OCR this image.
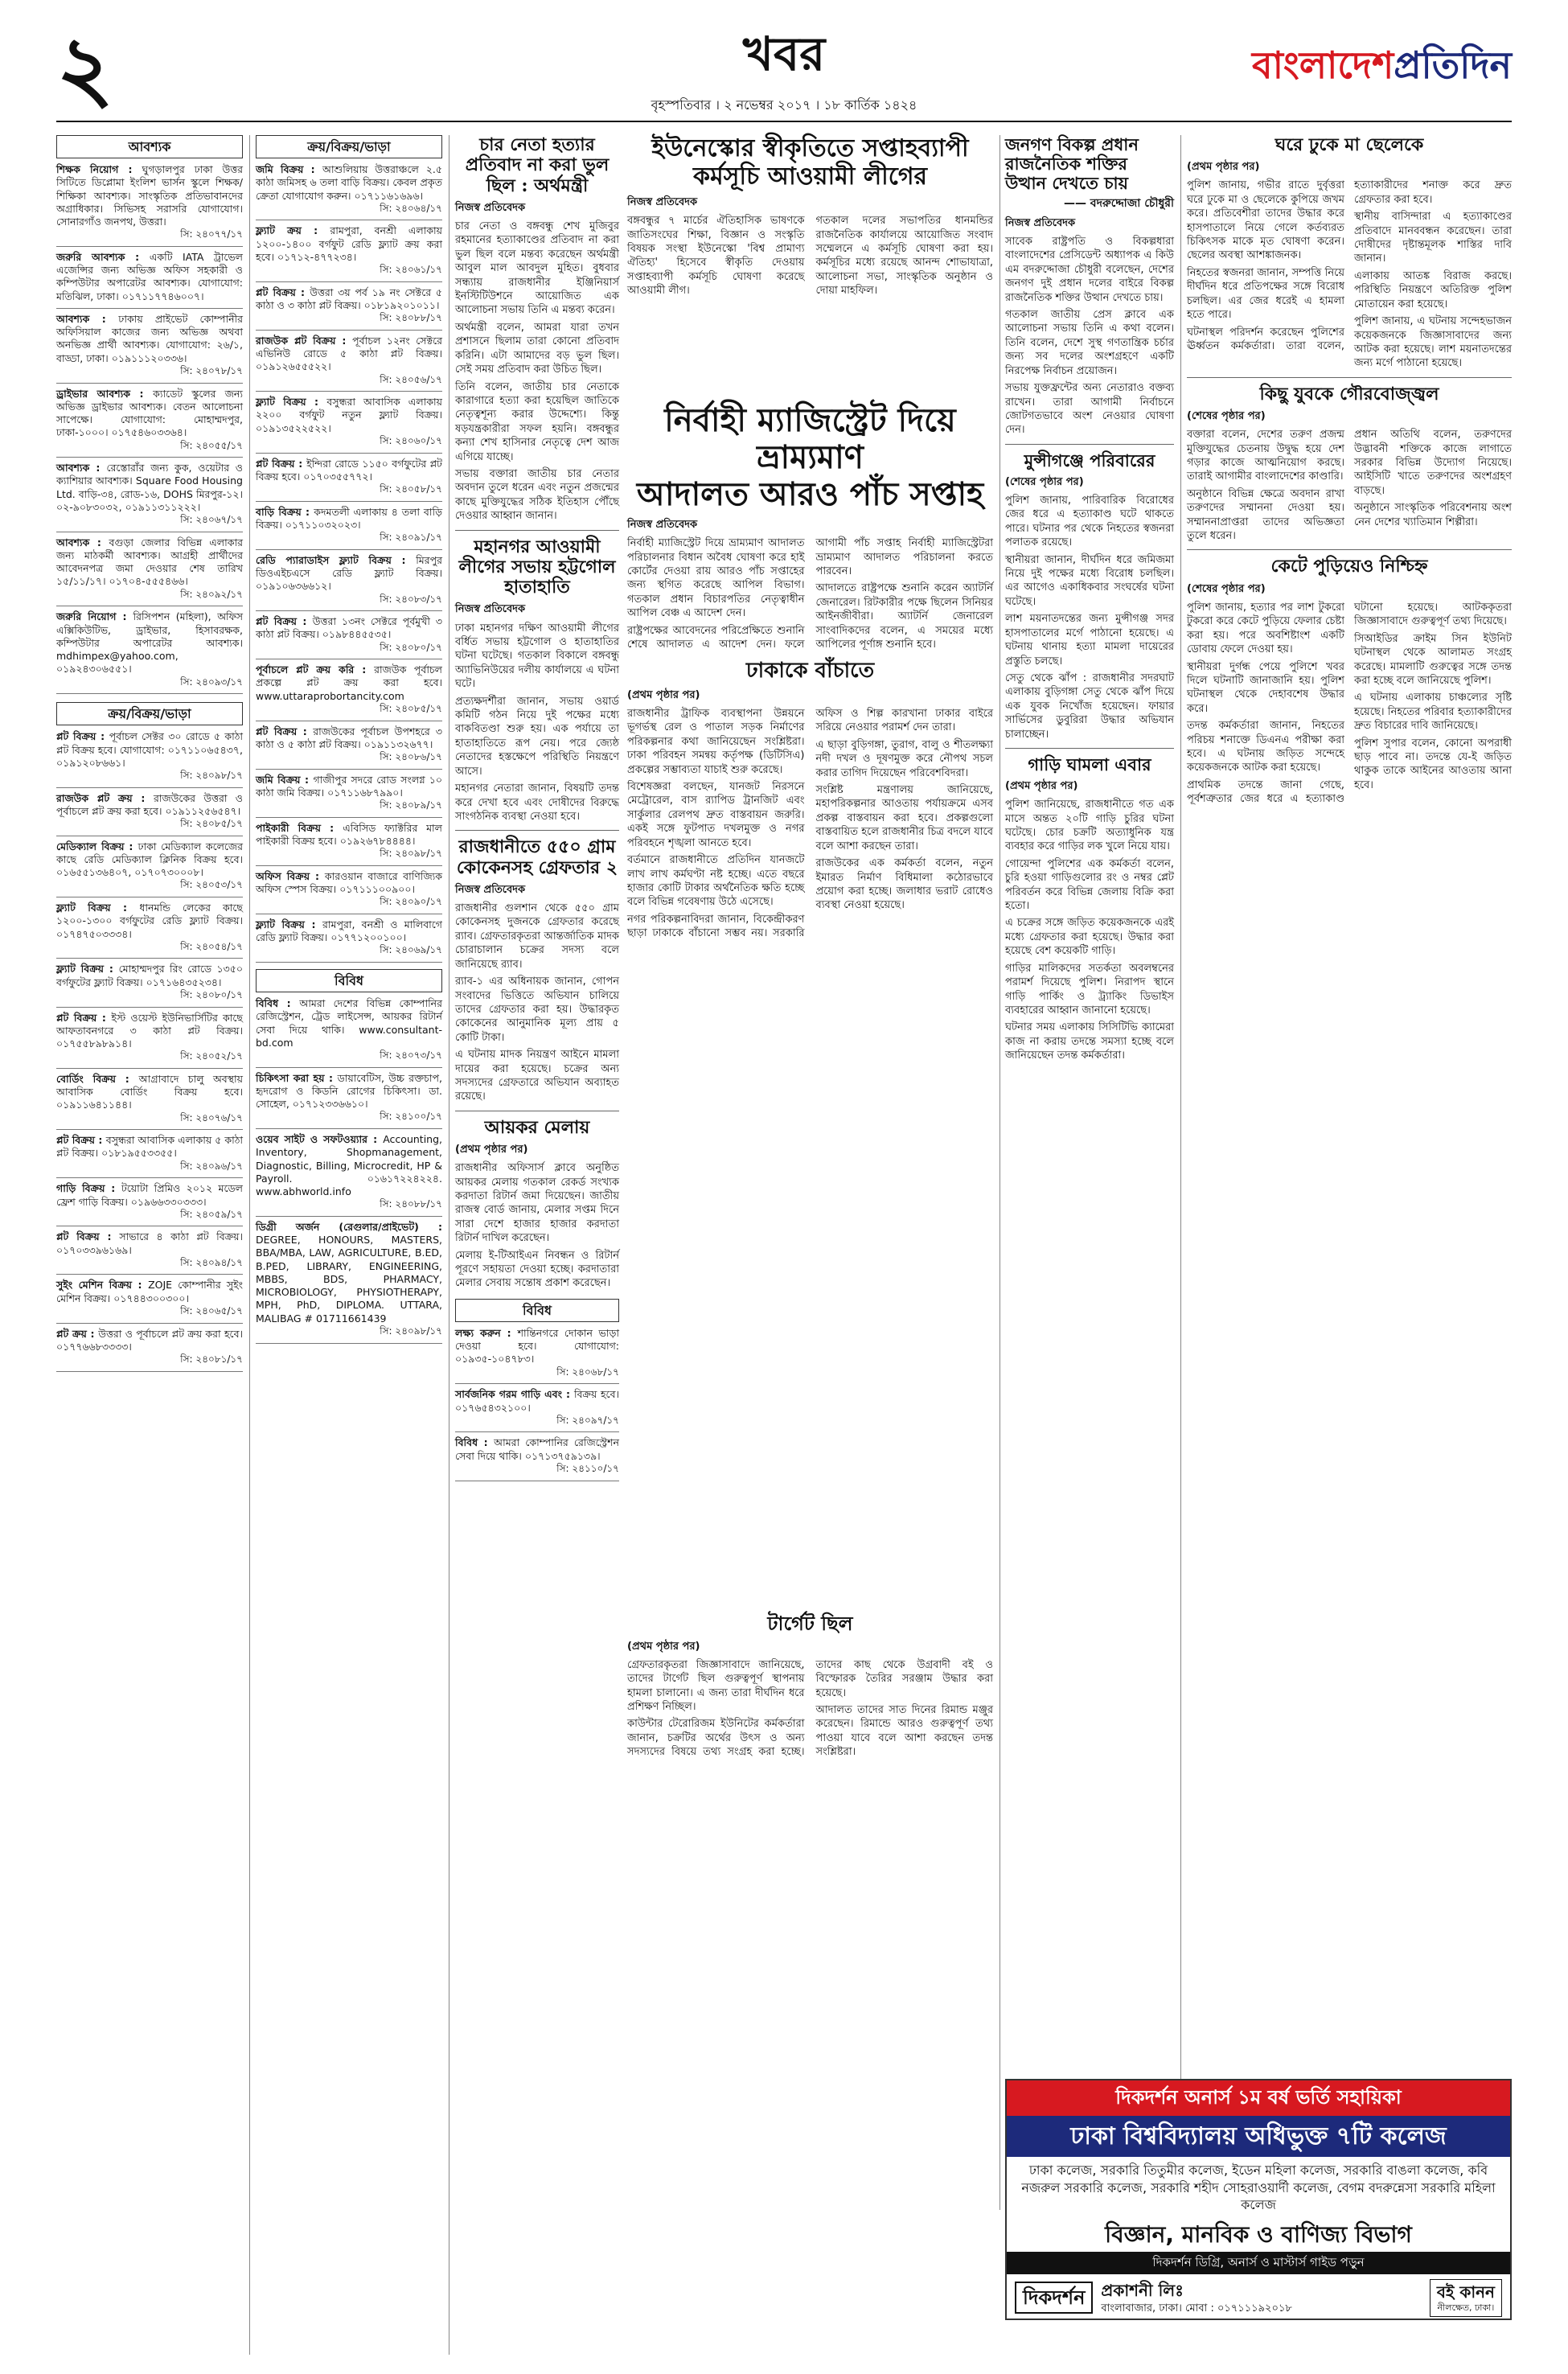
২	খবর
বৃহস্পতিবার । ২ নভেম্বর ২০১৭ । ১৮ কার্তিক ১৪২৪
বাংলাদেশপ্রতিদিন
আবশ্যক
শিক্ষক নিয়োগ : ঘুগড়ালপুর ঢাকা উত্তর সিটিতে ডিপ্লোমা ইংলিশ ভার্সন স্কুলে শিক্ষক/শিক্ষিকা আবশ্যক। সাংস্কৃতিক প্রতিভাবানদের অগ্রাধিকার। সিভিসহ সরাসরি যোগাযোগ। সোনারগাঁও জনপথ, উত্তরা।
সি: ২৪০৭৭/১৭
জরুরি আবশ্যক : একটি IATA ট্রাভেল এজেন্সির জন্য অভিজ্ঞ অফিস সহকারী ও কম্পিউটার অপারেটর আবশ্যক। যোগাযোগ: মতিঝিল, ঢাকা। ০১৭১১৭৭৪৬০০৭।
আবশ্যক : ঢাকায় প্রাইভেট কোম্পানীর অফিসিয়াল কাজের জন্য অভিজ্ঞ অথবা অনভিজ্ঞ প্রার্থী আবশ্যক। যোগাযোগ: ২৬/১, বাড্ডা, ঢাকা। ০১৯১১১২০৩৩৬।
সি: ২৪০৭৮/১৭
ড্রাইভার আবশ্যক : ক্যাডেট স্কুলের জন্য অভিজ্ঞ ড্রাইভার আবশ্যক। বেতন আলোচনা সাপেক্ষে। যোগাযোগ: মোহাম্মদপুর, ঢাকা-১০০০। ০১৭৫৪৬০৩৩৬৪।
সি: ২৪০৫৫/১৭
আবশ্যক : রেস্তোরাঁর জন্য কুক, ওয়েটার ও ক্যাশিয়ার আবশ্যক। Square Food Housing Ltd. বাড়ি-৩৪, রোড-১৬, DOHS মিরপুর-১২। ০২-৯০৮৩০৩২, ০১৯১১৩১১২২২।
সি: ২৪০৬৭/১৭
আবশ্যক : বগুড়া জেলার বিভিন্ন এলাকার জন্য মাঠকর্মী আবশ্যক। আগ্রহী প্রার্থীদের আবেদনপত্র জমা দেওয়ার শেষ তারিখ ১৫/১১/১৭। ০১৭০৪-৫৫৫৪৬৬।
সি: ২৪০৯২/১৭
জরুরি নিয়োগ : রিসিপশন (মহিলা), অফিস এক্সিকিউটিভ, ড্রাইভার, হিসাবরক্ষক, কম্পিউটার অপারেটর আবশ্যক। mdhimpex@yahoo.com, ০১৯২৪৩০৬৫৫১।
সি: ২৪০৯৩/১৭
ক্রয়/বিক্রয়/ভাড়া
প্লট বিক্রয় : পূর্বাচল সেক্টর ৩০ রোডে ৫ কাঠা প্লট বিক্রয় হবে। যোগাযোগ: ০১৭১১০৬৫৪৩৭, ০১৯১২০৮৬৬১।
সি: ২৪০৯৮/১৭
রাজউক প্লট ক্রয় : রাজউকের উত্তরা ও পূর্বাচলে প্লট ক্রয় করা হবে। ০১৯১১২৫৬৫৪৭।
সি: ২৪০৮৫/১৭
মেডিক্যাল বিক্রয় : ঢাকা মেডিক্যাল কলেজের কাছে রেডি মেডিক্যাল ক্লিনিক বিক্রয় হবে। ০১৬৫৫১৩৬৪০৭, ০১৭০৭৩০০০৮।
সি: ২৪০৫৩/১৭
ফ্ল্যাট বিক্রয় : ধানমন্ডি লেকের কাছে ১২০০-১৩০০ বর্গফুটের রেডি ফ্ল্যাট বিক্রয়। ০১৭৪৭৫০৩৩৩৪।
সি: ২৪০৫৪/১৭
ফ্ল্যাট বিক্রয় : মোহাম্মদপুর রিং রোডে ১৩৫০ বর্গফুটের ফ্ল্যাট বিক্রয়। ০১৭১৬৪৩৫২৩৪।
সি: ২৪০৮০/১৭
প্লট বিক্রয় : ইস্ট ওয়েস্ট ইউনিভার্সিটির কাছে আফতাবনগরে ৩ কাঠা প্লট বিক্রয়। ০১৭৫৫৮৯৮৯১৪।
সি: ২৪০৫২/১৭
বোর্ডিং বিক্রয় : আগ্রাবাদে চালু অবস্থায় আবাসিক বোর্ডিং বিক্রয় হবে। ০১৯১১৬৪১১৪৪।
সি: ২৪০৭৬/১৭
প্লট বিক্রয় : বসুন্ধরা আবাসিক এলাকায় ৫ কাঠা প্লট বিক্রয়। ০১৮১৯৫৫৩৩৫৫।
সি: ২৪০৯৬/১৭
গাড়ি বিক্রয় : টয়োটা প্রিমিও ২০১২ মডেল ফ্রেশ গাড়ি বিক্রয়। ০১৯৬৬৩৩০৩৩৩।
সি: ২৪০৫৯/১৭
প্লট বিক্রয় : সাভারে ৪ কাঠা প্লট বিক্রয়। ০১৭০৩৩৯৬১৬৯।
সি: ২৪০৯৪/১৭
সুইং মেশিন বিক্রয় : ZOJE কোম্পানীর সুইং মেশিন বিক্রয়। ০১৭৪৪৩০০৩০০।
সি: ২৪০৬৫/১৭
প্লট ক্রয় : উত্তরা ও পূর্বাচলে প্লট ক্রয় করা হবে। ০১৭৭৬৬৮৩৩৩৩।
সি: ২৪০৮১/১৭
ক্রয়/বিক্রয়/ভাড়া
জমি বিক্রয় : আশুলিয়ায় উত্তরাঞ্চলে ২.৫ কাঠা জমিসহ ৬ তলা বাড়ি বিক্রয়। কেবল প্রকৃত ক্রেতা যোগাযোগ করুন। ০১৭১১৬১৬৯৬।
সি: ২৪০৬৪/১৭
ফ্ল্যাট ক্রয় : রামপুরা, বনশ্রী এলাকায় ১২০০-১৪০০ বর্গফুট রেডি ফ্ল্যাট ক্রয় করা হবে। ০১৭১২-৪৭৭২৩৪।
সি: ২৪০৬১/১৭
প্লট বিক্রয় : উত্তরা ৩য় পর্ব ১৯ নং সেক্টরে ৫ কাঠা ও ৩ কাঠা প্লট বিক্রয়। ০১৮১৯২০১০১১।
সি: ২৪০৮৮/১৭
রাজউক প্লট বিক্রয় : পূর্বাচল ১২নং সেক্টরে এভিনিউ রোডে ৫ কাঠা প্লট বিক্রয়। ০১৯১২৬৫৫৫২২।
সি: ২৪০৫৬/১৭
ফ্ল্যাট বিক্রয় : বসুন্ধরা আবাসিক এলাকায় ২২০০ বর্গফুট নতুন ফ্ল্যাট বিক্রয়। ০১৯১৩৫২২৫২২।
সি: ২৪০৬০/১৭
প্লট বিক্রয় : ইন্দিরা রোডে ১১৫০ বর্গফুটের প্লট বিক্রয় হবে। ০১৭০৩৫৫৭৭২।
সি: ২৪০৫৮/১৭
বাড়ি বিক্রয় : কদমতলী এলাকায় ৪ তলা বাড়ি বিক্রয়। ০১৭১১০৩২০২৩।
সি: ২৪০৯১/১৭
রেডি প্যারাডাইস ফ্ল্যাট বিক্রয় : মিরপুর ডিওএইচএসে রেডি ফ্ল্যাট বিক্রয়। ০১৯১০৬৩৬৬১২।
সি: ২৪০৮৩/১৭
প্লট বিক্রয় : উত্তরা ১৩নং সেক্টরে পূর্বমুখী ৩ কাঠা প্লট বিক্রয়। ০১৯৮৪৪৫৫৩৫।
সি: ২৪০৮০/১৭
পূর্বাচলে প্লট ক্রয় করি : রাজউক পূর্বাচল প্রকল্পে প্লট ক্রয় করা হবে। www.uttaraprobortancity.com
সি: ২৪০৮৫/১৭
প্লট বিক্রয় : রাজউকের পূর্বাচল উপশহরে ৩ কাঠা ও ৫ কাঠা প্লট বিক্রয়। ০১৯১১৩২৬৭৭।
সি: ২৪০৮৬/১৭
জমি বিক্রয় : গাজীপুর সদরে রোড সংলগ্ন ১০ কাঠা জমি বিক্রয়। ০১৭১১৬৮৭৯৯০।
সি: ২৪০৮৯/১৭
পাইকারী বিক্রয় : এবিসিড ফ্যাক্টরির মাল পাইকারী বিক্রয় হবে। ০১৯২৬৭৮৪৪৪৪।
সি: ২৪০৯৮/১৭
অফিস বিক্রয় : কারওয়ান বাজারে বাণিজ্যিক অফিস স্পেস বিক্রয়। ০১৭১১১০০৯০০।
সি: ২৪০৯০/১৭
ফ্ল্যাট বিক্রয় : রামপুরা, বনশ্রী ও মালিবাগে রেডি ফ্ল্যাট বিক্রয়। ০১৭৭১২০০১০০।
সি: ২৪০৬৯/১৭
বিবিধ
বিবিধ : আমরা দেশের বিভিন্ন কোম্পানির রেজিস্ট্রেশন, ট্রেড লাইসেন্স, আয়কর রিটার্ন সেবা দিয়ে থাকি। www.consultant-bd.com
সি: ২৪০৭৩/১৭
চিকিৎসা করা হয় : ডায়াবেটিস, উচ্চ রক্তচাপ, হৃদরোগ ও কিডনি রোগের চিকিৎসা। ডা. সোহেল, ০১৭১২৩৩৬৬১০।
সি: ২৪১০০/১৭
ওয়েব সাইট ও সফটওয়্যার : Accounting, Inventory, Shopmanagement, Diagnostic, Billing, Microcredit, HP & Payroll. ০১৬১৭২২৪২২৪. www.abhworld.info
সি: ২৪০৮৮/১৭
ডিগ্রী অর্জন (রেগুলার/প্রাইভেট) : DEGREE, HONOURS, MASTERS, BBA/MBA, LAW, AGRICULTURE, B.ED, B.PED, LIBRARY, ENGINEERING, MBBS, BDS, PHARMACY, MICROBIOLOGY, PHYSIOTHERAPY, MPH, PhD, DIPLOMA. UTTARA, MALIBAG # 01711661439
সি: ২৪০৯৮/১৭
চার নেতা হত্যার প্রতিবাদ না করা ভুল ছিল : অর্থমন্ত্রী
নিজস্ব প্রতিবেদক

চার নেতা ও বঙ্গবন্ধু শেখ মুজিবুর রহমানের হত্যাকাণ্ডের প্রতিবাদ না করা ভুল ছিল বলে মন্তব্য করেছেন অর্থমন্ত্রী আবুল মাল আবদুল মুহিত। বুধবার সন্ধ্যায় রাজধানীর ইঞ্জিনিয়ার্স ইনস্টিটিউশনে আয়োজিত এক আলোচনা সভায় তিনি এ মন্তব্য করেন।

অর্থমন্ত্রী বলেন, আমরা যারা তখন প্রশাসনে ছিলাম তারা কোনো প্রতিবাদ করিনি। এটা আমাদের বড় ভুল ছিল। সেই সময় প্রতিবাদ করা উচিত ছিল।

তিনি বলেন, জাতীয় চার নেতাকে কারাগারে হত্যা করা হয়েছিল জাতিকে নেতৃত্বশূন্য করার উদ্দেশ্যে। কিন্তু ষড়যন্ত্রকারীরা সফল হয়নি। বঙ্গবন্ধুর কন্যা শেখ হাসিনার নেতৃত্বে দেশ আজ এগিয়ে যাচ্ছে।

সভায় বক্তারা জাতীয় চার নেতার অবদান তুলে ধরেন এবং নতুন প্রজন্মের কাছে মুক্তিযুদ্ধের সঠিক ইতিহাস পৌঁছে দেওয়ার আহ্বান জানান।

মহানগর আওয়ামী লীগের সভায় হট্টগোল হাতাহাতি
নিজস্ব প্রতিবেদক

ঢাকা মহানগর দক্ষিণ আওয়ামী লীগের বর্ধিত সভায় হট্টগোল ও হাতাহাতির ঘটনা ঘটেছে। গতকাল বিকালে বঙ্গবন্ধু অ্যাভিনিউয়ের দলীয় কার্যালয়ে এ ঘটনা ঘটে।

প্রত্যক্ষদর্শীরা জানান, সভায় ওয়ার্ড কমিটি গঠন নিয়ে দুই পক্ষের মধ্যে বাকবিতণ্ডা শুরু হয়। এক পর্যায়ে তা হাতাহাতিতে রূপ নেয়। পরে জ্যেষ্ঠ নেতাদের হস্তক্ষেপে পরিস্থিতি নিয়ন্ত্রণে আসে।

মহানগর নেতারা জানান, বিষয়টি তদন্ত করে দেখা হবে এবং দোষীদের বিরুদ্ধে সাংগঠনিক ব্যবস্থা নেওয়া হবে।

রাজধানীতে ৫৫০ গ্রাম কোকেনসহ গ্রেফতার ২
নিজস্ব প্রতিবেদক

রাজধানীর গুলশান থেকে ৫৫০ গ্রাম কোকেনসহ দুজনকে গ্রেফতার করেছে র‍্যাব। গ্রেফতারকৃতরা আন্তর্জাতিক মাদক চোরাচালান চক্রের সদস্য বলে জানিয়েছে র‍্যাব।

র‍্যাব-১ এর অধিনায়ক জানান, গোপন সংবাদের ভিত্তিতে অভিযান চালিয়ে তাদের গ্রেফতার করা হয়। উদ্ধারকৃত কোকেনের আনুমানিক মূল্য প্রায় ৫ কোটি টাকা।

এ ঘটনায় মাদক নিয়ন্ত্রণ আইনে মামলা দায়ের করা হয়েছে। চক্রের অন্য সদস্যদের গ্রেফতারে অভিযান অব্যাহত রয়েছে।

আয়কর মেলায়
(প্রথম পৃষ্ঠার পর)

রাজধানীর অফিসার্স ক্লাবে অনুষ্ঠিত আয়কর মেলায় গতকাল রেকর্ড সংখ্যক করদাতা রিটার্ন জমা দিয়েছেন। জাতীয় রাজস্ব বোর্ড জানায়, মেলার সপ্তম দিনে সারা দেশে হাজার হাজার করদাতা রিটার্ন দাখিল করেছেন।

মেলায় ই-টিআইএন নিবন্ধন ও রিটার্ন পূরণে সহায়তা দেওয়া হচ্ছে। করদাতারা মেলার সেবায় সন্তোষ প্রকাশ করেছেন।

বিবিধ
লক্ষ্য করুন : শান্তিনগরে দোকান ভাড়া দেওয়া হবে। যোগাযোগ: ০১৯৩৫-১০৪৭৮৩।
সি: ২৪০৬৮/১৭
সার্বজনিক গরম গাড়ি এবং : বিক্রয় হবে। ০১৭৬৫৪৩২১০০।
সি: ২৪০৯৭/১৭
বিবিধ : আমরা কোম্পানির রেজিস্ট্রেশন সেবা দিয়ে থাকি। ০১৭১৩৭৫৯১৩৯।
সি: ২৪১১০/১৭
ইউনেস্কোর স্বীকৃতিতে সপ্তাহব্যাপী
কর্মসূচি আওয়ামী লীগের
নিজস্ব প্রতিবেদক

বঙ্গবন্ধুর ৭ মার্চের ঐতিহাসিক ভাষণকে জাতিসংঘের শিক্ষা, বিজ্ঞান ও সংস্কৃতি বিষয়ক সংস্থা ইউনেস্কো 'বিশ্ব প্রামাণ্য ঐতিহ্য' হিসেবে স্বীকৃতি দেওয়ায় সপ্তাহব্যাপী কর্মসূচি ঘোষণা করেছে আওয়ামী লীগ।

গতকাল দলের সভাপতির ধানমন্ডির রাজনৈতিক কার্যালয়ে আয়োজিত সংবাদ সম্মেলনে এ কর্মসূচি ঘোষণা করা হয়। কর্মসূচির মধ্যে রয়েছে আনন্দ শোভাযাত্রা, আলোচনা সভা, সাংস্কৃতিক অনুষ্ঠান ও দোয়া মাহফিল।

নির্বাহী ম্যাজিস্ট্রেট দিয়ে ভ্রাম্যমাণ
আদালত আরও পাঁচ সপ্তাহ
নিজস্ব প্রতিবেদক

নির্বাহী ম্যাজিস্ট্রেট দিয়ে ভ্রাম্যমাণ আদালত পরিচালনার বিধান অবৈধ ঘোষণা করে হাই কোর্টের দেওয়া রায় আরও পাঁচ সপ্তাহের জন্য স্থগিত করেছে আপিল বিভাগ। গতকাল প্রধান বিচারপতির নেতৃত্বাধীন আপিল বেঞ্চ এ আদেশ দেন।

রাষ্ট্রপক্ষের আবেদনের পরিপ্রেক্ষিতে শুনানি শেষে আদালত এ আদেশ দেন। ফলে আগামী পাঁচ সপ্তাহ নির্বাহী ম্যাজিস্ট্রেটরা ভ্রাম্যমাণ আদালত পরিচালনা করতে পারবেন।

আদালতে রাষ্ট্রপক্ষে শুনানি করেন অ্যাটর্নি জেনারেল। রিটকারীর পক্ষে ছিলেন সিনিয়র আইনজীবীরা। অ্যাটর্নি জেনারেল সাংবাদিকদের বলেন, এ সময়ের মধ্যে আপিলের পূর্ণাঙ্গ শুনানি হবে।

ঢাকাকে বাঁচাতে
(প্রথম পৃষ্ঠার পর)

রাজধানীর ট্রাফিক ব্যবস্থাপনা উন্নয়নে ভূগর্ভস্থ রেল ও পাতাল সড়ক নির্মাণের পরিকল্পনার কথা জানিয়েছেন সংশ্লিষ্টরা। ঢাকা পরিবহন সমন্বয় কর্তৃপক্ষ (ডিটিসিএ) প্রকল্পের সম্ভাব্যতা যাচাই শুরু করেছে।

বিশেষজ্ঞরা বলছেন, যানজট নিরসনে মেট্রোরেল, বাস র‍্যাপিড ট্রানজিট এবং সার্কুলার রেলপথ দ্রুত বাস্তবায়ন জরুরি। একই সঙ্গে ফুটপাত দখলমুক্ত ও নগর পরিবহনে শৃঙ্খলা আনতে হবে।

বর্তমানে রাজধানীতে প্রতিদিন যানজটে লাখ লাখ কর্মঘণ্টা নষ্ট হচ্ছে। এতে বছরে হাজার কোটি টাকার অর্থনৈতিক ক্ষতি হচ্ছে বলে বিভিন্ন গবেষণায় উঠে এসেছে।

নগর পরিকল্পনাবিদরা জানান, বিকেন্দ্রীকরণ ছাড়া ঢাকাকে বাঁচানো সম্ভব নয়। সরকারি অফিস ও শিল্প কারখানা ঢাকার বাইরে সরিয়ে নেওয়ার পরামর্শ দেন তারা।

এ ছাড়া বুড়িগঙ্গা, তুরাগ, বালু ও শীতলক্ষ্যা নদী দখল ও দূষণমুক্ত করে নৌপথ সচল করার তাগিদ দিয়েছেন পরিবেশবিদরা।

সংশ্লিষ্ট মন্ত্রণালয় জানিয়েছে, মহাপরিকল্পনার আওতায় পর্যায়ক্রমে এসব প্রকল্প বাস্তবায়ন করা হবে। প্রকল্পগুলো বাস্তবায়িত হলে রাজধানীর চিত্র বদলে যাবে বলে আশা করছেন তারা।

রাজউকের এক কর্মকর্তা বলেন, নতুন ইমারত নির্মাণ বিধিমালা কঠোরভাবে প্রয়োগ করা হচ্ছে। জলাধার ভরাট রোধেও ব্যবস্থা নেওয়া হয়েছে।

টার্গেট ছিল
(প্রথম পৃষ্ঠার পর)

গ্রেফতারকৃতরা জিজ্ঞাসাবাদে জানিয়েছে, তাদের টার্গেট ছিল গুরুত্বপূর্ণ স্থাপনায় হামলা চালানো। এ জন্য তারা দীর্ঘদিন ধরে প্রশিক্ষণ নিচ্ছিল।

কাউন্টার টেরোরিজম ইউনিটের কর্মকর্তারা জানান, চক্রটির অর্থের উৎস ও অন্য সদস্যদের বিষয়ে তথ্য সংগ্রহ করা হচ্ছে। তাদের কাছ থেকে উগ্রবাদী বই ও বিস্ফোরক তৈরির সরঞ্জাম উদ্ধার করা হয়েছে।

আদালত তাদের সাত দিনের রিমান্ড মঞ্জুর করেছেন। রিমান্ডে আরও গুরুত্বপূর্ণ তথ্য পাওয়া যাবে বলে আশা করছেন তদন্ত সংশ্লিষ্টরা।

জনগণ বিকল্প প্রধান রাজনৈতিক শক্তির উত্থান দেখতে চায়
—— বদরুদ্দোজা চৌধুরী
নিজস্ব প্রতিবেদক

সাবেক রাষ্ট্রপতি ও বিকল্পধারা বাংলাদেশের প্রেসিডেন্ট অধ্যাপক এ কিউ এম বদরুদ্দোজা চৌধুরী বলেছেন, দেশের জনগণ দুই প্রধান দলের বাইরে বিকল্প রাজনৈতিক শক্তির উত্থান দেখতে চায়।

গতকাল জাতীয় প্রেস ক্লাবে এক আলোচনা সভায় তিনি এ কথা বলেন। তিনি বলেন, দেশে সুস্থ গণতান্ত্রিক চর্চার জন্য সব দলের অংশগ্রহণে একটি নিরপেক্ষ নির্বাচন প্রয়োজন।

সভায় যুক্তফ্রন্টের অন্য নেতারাও বক্তব্য রাখেন। তারা আগামী নির্বাচনে জোটগতভাবে অংশ নেওয়ার ঘোষণা দেন।

মুন্সীগঞ্জে পরিবারের
(শেষের পৃষ্ঠার পর)

পুলিশ জানায়, পারিবারিক বিরোধের জের ধরে এ হত্যাকাণ্ড ঘটে থাকতে পারে। ঘটনার পর থেকে নিহতের স্বজনরা পলাতক রয়েছে।

স্থানীয়রা জানান, দীর্ঘদিন ধরে জমিজমা নিয়ে দুই পক্ষের মধ্যে বিরোধ চলছিল। এর আগেও একাধিকবার সংঘর্ষের ঘটনা ঘটেছে।

লাশ ময়নাতদন্তের জন্য মুন্সীগঞ্জ সদর হাসপাতালের মর্গে পাঠানো হয়েছে। এ ঘটনায় থানায় হত্যা মামলা দায়েরের প্রস্তুতি চলছে।

সেতু থেকে ঝাঁপ : রাজধানীর সদরঘাট এলাকায় বুড়িগঙ্গা সেতু থেকে ঝাঁপ দিয়ে এক যুবক নিখোঁজ হয়েছেন। ফায়ার সার্ভিসের ডুবুরিরা উদ্ধার অভিযান চালাচ্ছেন।

গাড়ি ঘামলা এবার
(প্রথম পৃষ্ঠার পর)

পুলিশ জানিয়েছে, রাজধানীতে গত এক মাসে অন্তত ২০টি গাড়ি চুরির ঘটনা ঘটেছে। চোর চক্রটি অত্যাধুনিক যন্ত্র ব্যবহার করে গাড়ির লক খুলে নিয়ে যায়।

গোয়েন্দা পুলিশের এক কর্মকর্তা বলেন, চুরি হওয়া গাড়িগুলোর রং ও নম্বর প্লেট পরিবর্তন করে বিভিন্ন জেলায় বিক্রি করা হতো।

এ চক্রের সঙ্গে জড়িত কয়েকজনকে এরই মধ্যে গ্রেফতার করা হয়েছে। উদ্ধার করা হয়েছে বেশ কয়েকটি গাড়ি।

গাড়ির মালিকদের সতর্কতা অবলম্বনের পরামর্শ দিয়েছে পুলিশ। নিরাপদ স্থানে গাড়ি পার্কিং ও ট্র্যাকিং ডিভাইস ব্যবহারের আহ্বান জানানো হয়েছে।

ঘটনার সময় এলাকায় সিসিটিভি ক্যামেরা কাজ না করায় তদন্তে সমস্যা হচ্ছে বলে জানিয়েছেন তদন্ত কর্মকর্তারা।

ঘরে ঢুকে মা ছেলেকে
(প্রথম পৃষ্ঠার পর)

পুলিশ জানায়, গভীর রাতে দুর্বৃত্তরা ঘরে ঢুকে মা ও ছেলেকে কুপিয়ে জখম করে। প্রতিবেশীরা তাদের উদ্ধার করে হাসপাতালে নিয়ে গেলে কর্তব্যরত চিকিৎসক মাকে মৃত ঘোষণা করেন। ছেলের অবস্থা আশঙ্কাজনক।

নিহতের স্বজনরা জানান, সম্পত্তি নিয়ে দীর্ঘদিন ধরে প্রতিপক্ষের সঙ্গে বিরোধ চলছিল। এর জের ধরেই এ হামলা হতে পারে।

ঘটনাস্থল পরিদর্শন করেছেন পুলিশের ঊর্ধ্বতন কর্মকর্তারা। তারা বলেন, হত্যাকারীদের শনাক্ত করে দ্রুত গ্রেফতার করা হবে।

স্থানীয় বাসিন্দারা এ হত্যাকাণ্ডের প্রতিবাদে মানববন্ধন করেছেন। তারা দোষীদের দৃষ্টান্তমূলক শাস্তির দাবি জানান।

এলাকায় আতঙ্ক বিরাজ করছে। পরিস্থিতি নিয়ন্ত্রণে অতিরিক্ত পুলিশ মোতায়েন করা হয়েছে।

পুলিশ জানায়, এ ঘটনায় সন্দেহভাজন কয়েকজনকে জিজ্ঞাসাবাদের জন্য আটক করা হয়েছে। লাশ ময়নাতদন্তের জন্য মর্গে পাঠানো হয়েছে।

কিছু যুবকে গৌরবোজ্জ্বল
(শেষের পৃষ্ঠার পর)

বক্তারা বলেন, দেশের তরুণ প্রজন্ম মুক্তিযুদ্ধের চেতনায় উদ্বুদ্ধ হয়ে দেশ গড়ার কাজে আত্মনিয়োগ করছে। তারাই আগামীর বাংলাদেশের কাণ্ডারি।

অনুষ্ঠানে বিভিন্ন ক্ষেত্রে অবদান রাখা তরুণদের সম্মাননা দেওয়া হয়। সম্মাননাপ্রাপ্তরা তাদের অভিজ্ঞতা তুলে ধরেন।

প্রধান অতিথি বলেন, তরুণদের উদ্ভাবনী শক্তিকে কাজে লাগাতে সরকার বিভিন্ন উদ্যোগ নিয়েছে। আইসিটি খাতে তরুণদের অংশগ্রহণ বাড়ছে।

অনুষ্ঠানে সাংস্কৃতিক পরিবেশনায় অংশ নেন দেশের খ্যাতিমান শিল্পীরা।

কেটে পুড়িয়েও নিশ্চিহ্ন
(শেষের পৃষ্ঠার পর)

পুলিশ জানায়, হত্যার পর লাশ টুকরো টুকরো করে কেটে পুড়িয়ে ফেলার চেষ্টা করা হয়। পরে অবশিষ্টাংশ একটি ডোবায় ফেলে দেওয়া হয়।

স্থানীয়রা দুর্গন্ধ পেয়ে পুলিশে খবর দিলে ঘটনাটি জানাজানি হয়। পুলিশ ঘটনাস্থল থেকে দেহাবশেষ উদ্ধার করে।

তদন্ত কর্মকর্তারা জানান, নিহতের পরিচয় শনাক্তে ডিএনএ পরীক্ষা করা হবে। এ ঘটনায় জড়িত সন্দেহে কয়েকজনকে আটক করা হয়েছে।

প্রাথমিক তদন্তে জানা গেছে, পূর্বশত্রুতার জের ধরে এ হত্যাকাণ্ড ঘটানো হয়েছে। আটককৃতরা জিজ্ঞাসাবাদে গুরুত্বপূর্ণ তথ্য দিয়েছে।

সিআইডির ক্রাইম সিন ইউনিট ঘটনাস্থল থেকে আলামত সংগ্রহ করেছে। মামলাটি গুরুত্বের সঙ্গে তদন্ত করা হচ্ছে বলে জানিয়েছে পুলিশ।

এ ঘটনায় এলাকায় চাঞ্চল্যের সৃষ্টি হয়েছে। নিহতের পরিবার হত্যাকারীদের দ্রুত বিচারের দাবি জানিয়েছে।

পুলিশ সুপার বলেন, কোনো অপরাধী ছাড় পাবে না। তদন্তে যে-ই জড়িত থাকুক তাকে আইনের আওতায় আনা হবে।

দিকদর্শন অনার্স ১ম বর্ষ ভর্তি সহায়িকা
ঢাকা বিশ্ববিদ্যালয় অধিভুক্ত ৭টি কলেজ
ঢাকা কলেজ, সরকারি তিতুমীর কলেজ, ইডেন মহিলা কলেজ, সরকারি বাঙলা কলেজ, কবি নজরুল সরকারি কলেজ, সরকারি শহীদ সোহরাওয়ার্দী কলেজ, বেগম বদরুন্নেসা সরকারি মহিলা কলেজ
বিজ্ঞান, মানবিক ও বাণিজ্য বিভাগ
দিকদর্শন ডিগ্রি, অনার্স ও মাস্টার্স গাইড পড়ুন
দিকদর্শন	প্রকাশনী লিঃ
বাংলাবাজার, ঢাকা। মোবা : ০১৭১১১৯২০১৮
বই কানন
নীলক্ষেত, ঢাকা।
